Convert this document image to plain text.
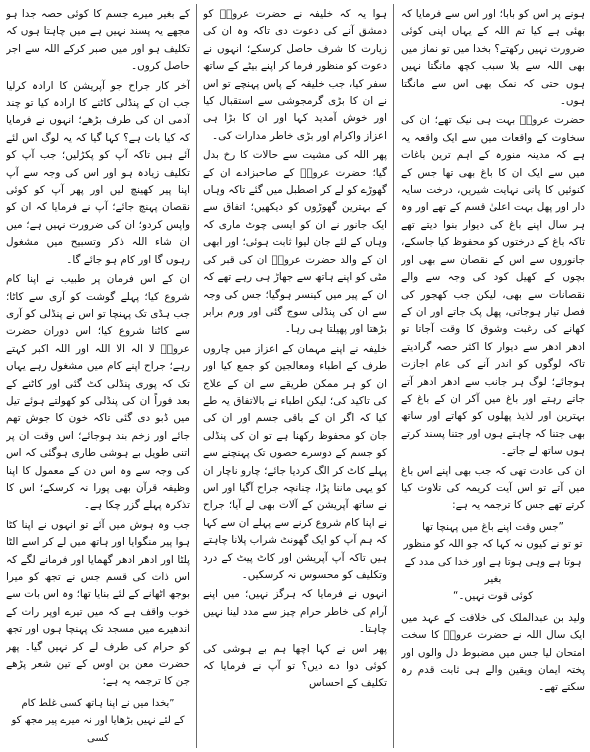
ہونے پر اس کو بابا؛ اور اس سے فرمایا کہ بھئی ہے کیا تم اللہ کے یہاں اپنی کوئی ضرورت نہیں رکھتے؟ بخدا میں تو نماز میں بھی اللہ سے بلا سبب کچھ مانگتا نہیں ہوں حتی کہ نمک بھی اس سے مانگتا ہوں۔

حضرت عروہؓ بہت ہی نیک تھے؛ ان کی سخاوت کے واقعات میں سے ایک واقعہ یہ ہے کہ مدینہ منورہ کے اہم ترین باغات میں سے ایک ان کا باغ بھی تھا جس کے کنوئیں کا پانی نہایت شیریں، درخت سایہ دار اور پھل بہت اعلیٰ قسم کے تھے اور وہ ہر سال اپنے باغ کی دیوار بنوا دیتے تھے تاکہ باغ کے درختوں کو محفوظ کیا جاسکے، جانوروں سے اس کے نقصان سے بھی اور بچوں کے کھیل کود کی وجہ سے والے نقصانات سے بھی، لیکن جب کھجور کی فصل تیار ہوجاتی، پھل پک جاتے اور ان کے کھانے کی رغبت وشوق کا وقت آجاتا تو ادھر ادھر سے دیوار کا اکثر حصہ گرادیتے تاکہ لوگوں کو اندر آنے کی عام اجازت ہوجائے؛ لوگ ہر جانب سے ادھر ادھر آتے جاتے رہتے اور باغ میں آکر ان کے باغ کے بہترین اور لذیذ پھلوں کو کھاتے اور ساتھ بھی جتنا کہ چاہتے ہوں اور جتنا پسند کرتے ہوں ساتھ لے جاتے۔

ان کی عادت تھی کہ جب بھی اپنے اس باغ میں آتے تو اس آیت کریمہ کی تلاوت کیا کرتے تھے جس کا ترجمہ یہ ہے:

”جس وقت اپنے باغ میں پہنچا تھا
تو تو نے کیوں نہ کہا کہ جو اللہ کو منظور
ہوتا ہے وہی ہوتا ہے اور خدا کی مدد کے بغیر
کوئی قوت نہیں۔“

ولید بن عبدالملک کی خلافت کے عہد میں ایک سال اللہ نے حضرت عروہؓ کا سخت امتحان لیا جس میں مضبوط دل والوں اور پختہ ایمان ویقین والے ہی ثابت قدم رہ سکتے تھے۔

ہوا یہ کہ خلیفہ نے حضرت عروہؓ کو دمشق آنے کی دعوت دی تاکہ وہ ان کی زیارت کا شرف حاصل کرسکے؛ انہوں نے دعوت کو منظور فرما کر اپنے بیٹے کے ساتھ سفر کیا، جب خلیفہ کے پاس پہنچے تو اس نے ان کا بڑی گرمجوشی سے استقبال کیا اور خوش آمدید کہا اور ان کا بڑا ہی اعزاز واکرام اور بڑی خاطر مدارات کی۔

پھر اللہ کی مشیت سے حالات کا رخ بدل گیا؛ حضرت عروہؓ کے صاحبزادے ان کے گھوڑے کو لے کر اصطبل میں گئے تاکہ وہاں کے بہترین گھوڑوں کو دیکھیں؛ اتفاق سے ایک جانور نے ان کو ایسی چوٹ ماری کہ وہاں کے لئے جان لیوا ثابت ہوئی؛ اور ابھی ان کے والد حضرت عروہؓ ان کی قبر کی مٹی کو اپنے ہاتھ سے جھاڑ ہی رہے تھے کہ ان کے پیر میں کینسر ہوگیا؛ جس کی وجہ سے ان کی پنڈلی سوج گئی اور ورم برابر بڑھتا اور پھیلتا ہی رہا۔

خلیفہ نے اپنے مہمان کے اعزاز میں چاروں طرف کے اطباء ومعالجین کو جمع کیا اور ان کو ہر ممکن طریقے سے ان کے علاج کی تاکید کی؛ لیکن اطباء نے بالاتفاق یہ طے کیا کہ اگر ان کے باقی جسم اور ان کی جان کو محفوظ رکھنا ہے تو ان کی پنڈلی کو جسم کے دوسرے حصوں تک پہنچنے سے پہلے کاٹ کر الگ کردیا جائے؛ چارو ناچار ان کو یہی ماننا پڑا، چنانچہ جراح آگیا اور اس نے ساتھ آپریشن کے آلات بھی لے آیا؛ جراح نے اپنا کام شروع کرنے سے پہلے ان سے کہا کہ ہم آپ کو ایک گھونٹ شراب پلانا چاہتے ہیں تاکہ آپ آپریشن اور کاٹ پیٹ کے درد وتکلیف کو محسوس نہ کرسکیں۔

انہوں نے فرمایا کہ ہرگز نہیں؛ میں اپنے آرام کی خاطر حرام چیز سے مدد لینا نہیں چاہتا۔

پھر اس نے کہا اچھا ہم بے ہوشی کی کوئی دوا دے دیں؟ تو آپ نے فرمایا کہ تکلیف کے احساس

کے بغیر میرے جسم کا کوئی حصہ جدا ہو مجھے یہ پسند نہیں ہے میں چاہتا ہوں کہ تکلیف ہو اور میں صبر کرکے اللہ سے اجر حاصل کروں۔

آخر کار جراح جو آپریشن کا ارادہ کرلیا جب ان کے پنڈلی کاٹنے کا ارادہ کیا تو چند آدمی ان کی طرف بڑھے؛ انہوں نے فرمایا کہ کیا بات ہے؟ کہا گیا کہ یہ لوگ اس لئے آئے ہیں تاکہ آپ کو پکڑلیں؛ جب آپ کو تکلیف زیادہ ہو اور اس کی وجہ سے آپ اپنا پیر کھینچ لیں اور پھر آپ کو کوئی نقصان پہنچ جائے؛ آپ نے فرمایا کہ ان کو واپس کردو؛ ان کی ضرورت نہیں ہے؛ میں ان شاء اللہ ذکر وتسبیح میں مشغول رہوں گا اور کام ہو جائے گا۔

ان کے اس فرمان پر طبیب نے اپنا کام شروع کیا؛ پہلے گوشت کو آری سے کاٹا؛ جب ہڈی تک پہنچا تو اس نے پنڈلی کو آری سے کاٹنا شروع کیا؛ اس دوران حضرت عروہؓ لا الہ الا اللہ اور اللہ اکبر کہتے رہے؛ جراح اپنے کام میں مشغول رہے یہاں تک کہ پوری پنڈلی کٹ گئی اور کاٹنے کے بعد فوراً ان کی پنڈلی کو کھولتے ہوئے تیل میں ڈبو دی گئی تاکہ خون کا جوش تھم جائے اور زخم بند ہوجائے؛ اس وقت ان پر اتنی طویل بے ہوشی طاری ہوگئی کہ اس کی وجہ سے وہ اس دن کے معمول کا اپنا وظیفہ قرآن بھی پورا نہ کرسکے؛ اس کا تذکرہ پہلے گزر چکا ہے۔

جب وہ ہوش میں آئے تو انہوں نے اپنا کٹا ہوا پیر منگوایا اور ہاتھ میں لے کر اسے الٹا پلٹا اور ادھر ادھر گھمایا اور فرمانے لگے کہ اس ذات کی قسم جس نے تجھ کو میرا بوجھ اٹھانے کے لئے بنایا تھا؛ وہ اس بات سے خوب واقف ہے کہ میں تیرے اوپر رات کے اندھیرے میں مسجد تک پہنچا ہوں اور تجھ کو حرام کی طرف لے کر نہیں گیا۔ پھر حضرت معن بن اوس کے تین شعر پڑھے جن کا ترجمہ یہ ہے:

”بخدا میں نے اپنا ہاتھ کسی غلط کام
کے لئے نہیں بڑھایا اور نہ میرے پیر مجھ کو کسی
